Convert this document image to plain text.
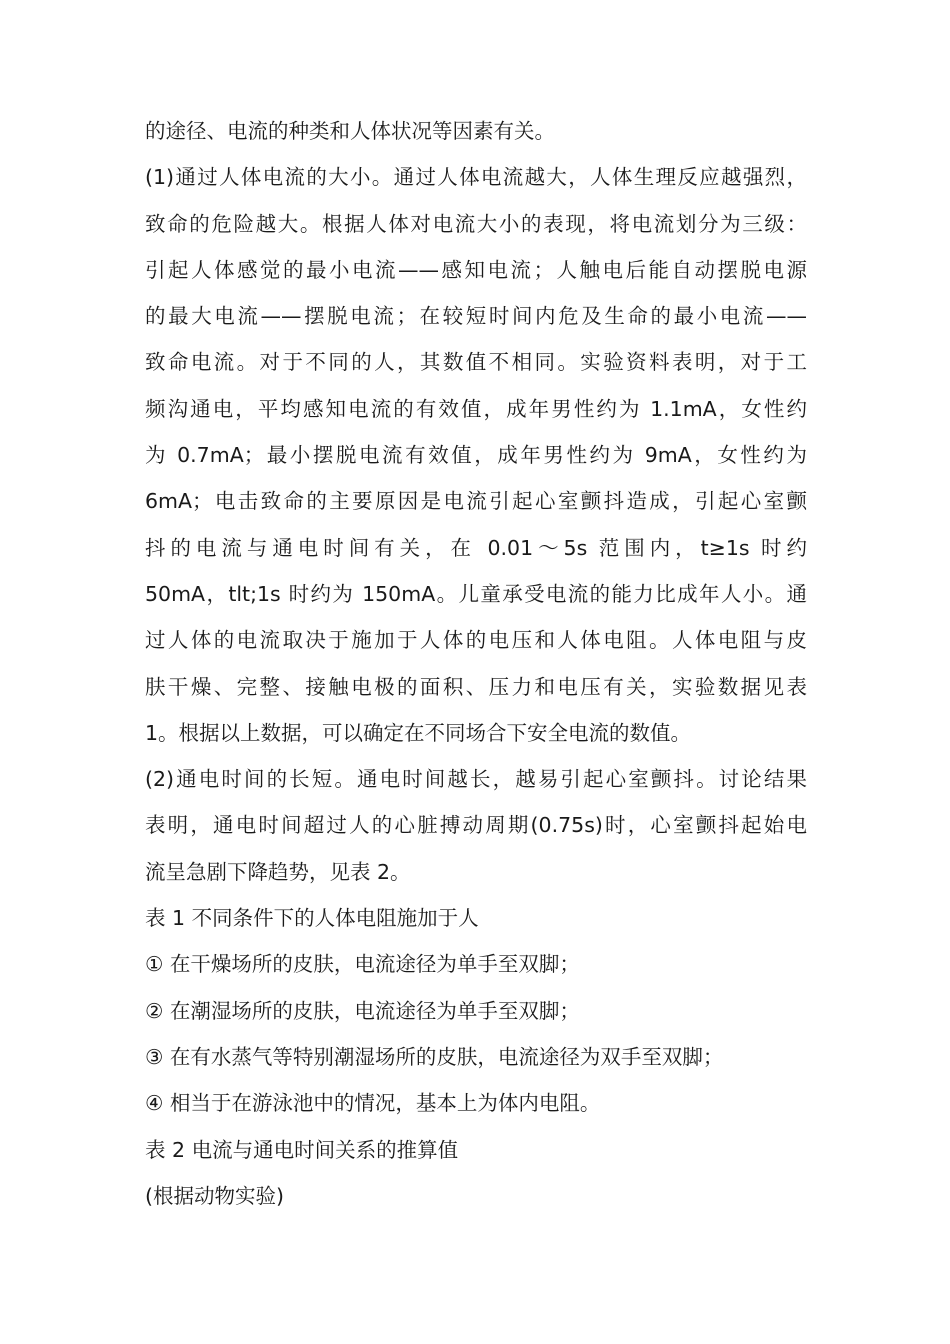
的途径、电流的种类和人体状况等因素有关。
(1)通过人体电流的大小。通过人体电流越大，人体生理反应越强烈，
致命的危险越大。根据人体对电流大小的表现，将电流划分为三级：
引起人体感觉的最小电流——感知电流；人触电后能自动摆脱电源
的最大电流——摆脱电流；在较短时间内危及生命的最小电流——
致命电流。对于不同的人，其数值不相同。实验资料表明，对于工
频沟通电，平均感知电流的有效值，成年男性约为 1.1mA，女性约
为 0.7mA；最小摆脱电流有效值，成年男性约为 9mA，女性约为
6mA；电击致命的主要原因是电流引起心室颤抖造成，引起心室颤
抖的电流与通电时间有关，在 0.01～5s 范围内，t≥1s 时约
50mA，tlt;1s 时约为 150mA。儿童承受电流的能力比成年人小。通
过人体的电流取决于施加于人体的电压和人体电阻。人体电阻与皮
肤干燥、完整、接触电极的面积、压力和电压有关，实验数据见表
1。根据以上数据，可以确定在不同场合下安全电流的数值。
(2)通电时间的长短。通电时间越长，越易引起心室颤抖。讨论结果
表明，通电时间超过人的心脏搏动周期(0.75s)时，心室颤抖起始电
流呈急剧下降趋势，见表 2。
表 1 不同条件下的人体电阻施加于人
① 在干燥场所的皮肤，电流途径为单手至双脚；
② 在潮湿场所的皮肤，电流途径为单手至双脚；
③ 在有水蒸气等特别潮湿场所的皮肤，电流途径为双手至双脚；
④ 相当于在游泳池中的情况，基本上为体内电阻。
表 2 电流与通电时间关系的推算值
(根据动物实验)
